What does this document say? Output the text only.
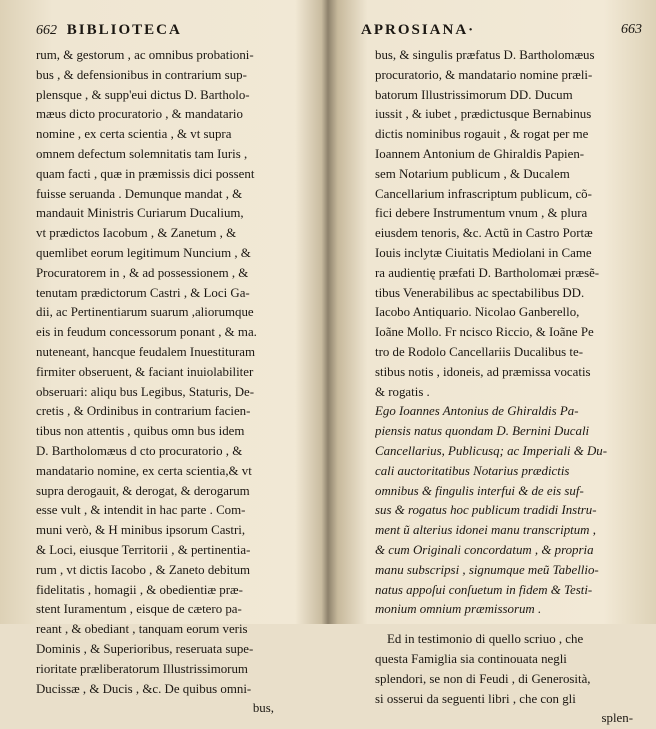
662 BIBLIOTECA
rum, & gestorum , ac omnibus probationi-
bus , & defensionibus in contrarium sup-
plensque , & supp'eui dictus D. Bartholo-
mæus dicto procuratorio , & mandatario
nomine , ex certa scientia , & vt supra
omnem defectum solemnitatis tam Iuris ,
quam facti , quæ in præmissis dici possent
fuisse seruanda . Demunque mandat , &
mandauit Ministris Curiarum Ducalium,
vt prædictos Iacobum , & Zanetum , &
quemlibet eorum legitimum Nuncium , &
Procuratorem in , & ad possessionem , &
tenutam prædictorum Castri , & Loci Ga-
dii, ac Pertinentiarum suarum ,aliorumque
eis in feudum concessorum ponant , & ma.
nuteneant, hancque feudalem Inuestituram
firmiter obseruent, & faciant inuiolabiliter
obseruari: aliqu bus Legibus, Staturis, De-
cretis , & Ordinibus in contrarium facien-
tibus non attentis , quibus omn bus idem
D. Bartholomæus d cto procuratorio , &
mandatario nomine, ex certa scientia,& vt
supra derogauit, & derogat, & derogarum
esse vult , & intendit in hac parte . Com-
muni verò, & H minibus ipsorum Castri,
& Loci, eiusque Territorii , & pertinentia-
rum , vt dictis Iacobo , & Zaneto debitum
fidelitatis , homagii , & obedientiæ præ-
stent Iuramentum , eisque de cætero pa-
reant , & obediant , tanquam eorum veris
Dominis , & Superioribus, reseruata supe-
rioritate præliberatorum Illustrissimorum
Ducissæ , & Ducis , &c. De quibus omni-
bus,
APROSIANA·	663
bus, & singulis præfatus D. Bartholomæus
procuratorio, & mandatario nomine præli-
batorum Illustrissimorum DD. Ducum
iussit , & iubet , prædictusque Bernabinus
dictis nominibus rogauit , & rogat per me
Ioannem Antonium de Ghiraldis Papien-
sem Notarium publicum , & Ducalem
Cancellarium infrascriptum publicum, cõ-
fici debere Instrumentum vnum , & plura
eiusdem tenoris, &c. Actũ in Castro Portæ
Iouis inclytæ Ciuitatis Mediolani in Came
ra audientię præfati D. Bartholomæi præsẽ-
tibus Venerabilibus ac spectabilibus DD.
Iacobo Antiquario. Nicolao Ganberello,
Ioãne Mollo. Fr ncisco Riccio, & Ioãne Pe
tro de Rodolo Cancellariis Ducalibus te-
stibus notis , idoneis, ad præmissa vocatis
& rogatis .
Ego Ioannes Antonius de Ghiraldis Pa-
piensis natus quondam D. Bernini Ducali
Cancellarius, Publicusq; ac Imperiali & Du-
cali auctoritatibus Notarius prædictis
omnibus & fingulis interfui & de eis suf-
sus & rogatus hoc publicum tradidi Instru-
ment ũ alterius idonei manu transcriptum ,
& cum Originali concordatum , & propria
manu subscripsi , signumque meũ Tabellio-
natus appoſui conſuetum in fidem & Testi-
monium omnium præmissorum .
Ed in testimonio di quello scriuo , che
questa Famiglia sia continouata negli
splendori, se non di Feudi , di Generosità,
si osserui da seguenti libri , che con gli
splen-
